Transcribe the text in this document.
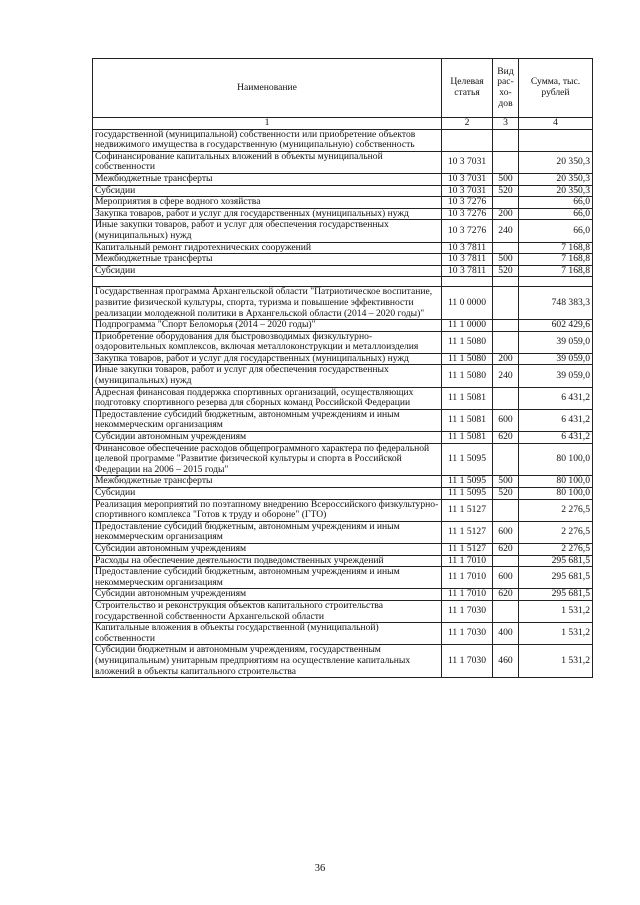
Наименование	Целевая статья	Вид рас-хо-дов	Сумма, тыс. рублей
1	2	3	4
государственной (муниципальной) собственности или приобретение объектов недвижимого имущества в государственную (муниципальную) собственность			
Софинансирование капитальных вложений в объекты муниципальной собственности	10 3 7031		20 350,3
Межбюджетные трансферты	10 3 7031	500	20 350,3
Субсидии	10 3 7031	520	20 350,3
Мероприятия в сфере водного хозяйства	10 3 7276		66,0
Закупка товаров, работ и услуг для государственных (муниципальных) нужд	10 3 7276	200	66,0
Иные закупки товаров, работ и услуг для обеспечения государственных (муниципальных) нужд	10 3 7276	240	66,0
Капитальный ремонт гидротехнических сооружений	10 3 7811		7 168,8
Межбюджетные трансферты	10 3 7811	500	7 168,8
Субсидии	10 3 7811	520	7 168,8

Государственная программа Архангельской области "Патриотическое воспитание, развитие физической культуры, спорта, туризма и повышение эффективности реализации молодежной политики в Архангельской области (2014 – 2020 годы)"	11 0 0000		748 383,3
Подпрограмма "Спорт Беломорья (2014 – 2020 годы)"	11 1 0000		602 429,6
Приобретение оборудования для быстровозводимых физкультурно-оздоровительных комплексов, включая металлоконструкции и металлоизделия	11 1 5080		39 059,0
Закупка товаров, работ и услуг для государственных (муниципальных) нужд	11 1 5080	200	39 059,0
Иные закупки товаров, работ и услуг для обеспечения государственных (муниципальных) нужд	11 1 5080	240	39 059,0
Адресная финансовая поддержка спортивных организаций, осуществляющих подготовку спортивного резерва для сборных команд Российской Федерации	11 1 5081		6 431,2
Предоставление субсидий бюджетным, автономным учреждениям и иным некоммерческим организациям	11 1 5081	600	6 431,2
Субсидии автономным учреждениям	11 1 5081	620	6 431,2
Финансовое обеспечение расходов общепрограммного характера по федеральной целевой программе "Развитие физической культуры и спорта в Российской Федерации на 2006 – 2015 годы"	11 1 5095		80 100,0
Межбюджетные трансферты	11 1 5095	500	80 100,0
Субсидии	11 1 5095	520	80 100,0
Реализация мероприятий по поэтапному внедрению Всероссийского физкультурно-спортивного комплекса "Готов к труду и обороне" (ГТО)	11 1 5127		2 276,5
Предоставление субсидий бюджетным, автономным учреждениям и иным некоммерческим организациям	11 1 5127	600	2 276,5
Субсидии автономным учреждениям	11 1 5127	620	2 276,5
Расходы на обеспечение деятельности подведомственных учреждений	11 1 7010		295 681,5
Предоставление субсидий бюджетным, автономным учреждениям и иным некоммерческим организациям	11 1 7010	600	295 681,5
Субсидии автономным учреждениям	11 1 7010	620	295 681,5
Строительство и реконструкция объектов капитального строительства государственной собственности Архангельской области	11 1 7030		1 531,2
Капитальные вложения в объекты государственной (муниципальной) собственности	11 1 7030	400	1 531,2
Субсидии бюджетным и автономным учреждениям, государственным (муниципальным) унитарным предприятиям на осуществление капитальных вложений в объекты капитального строительства	11 1 7030	460	1 531,2
36
